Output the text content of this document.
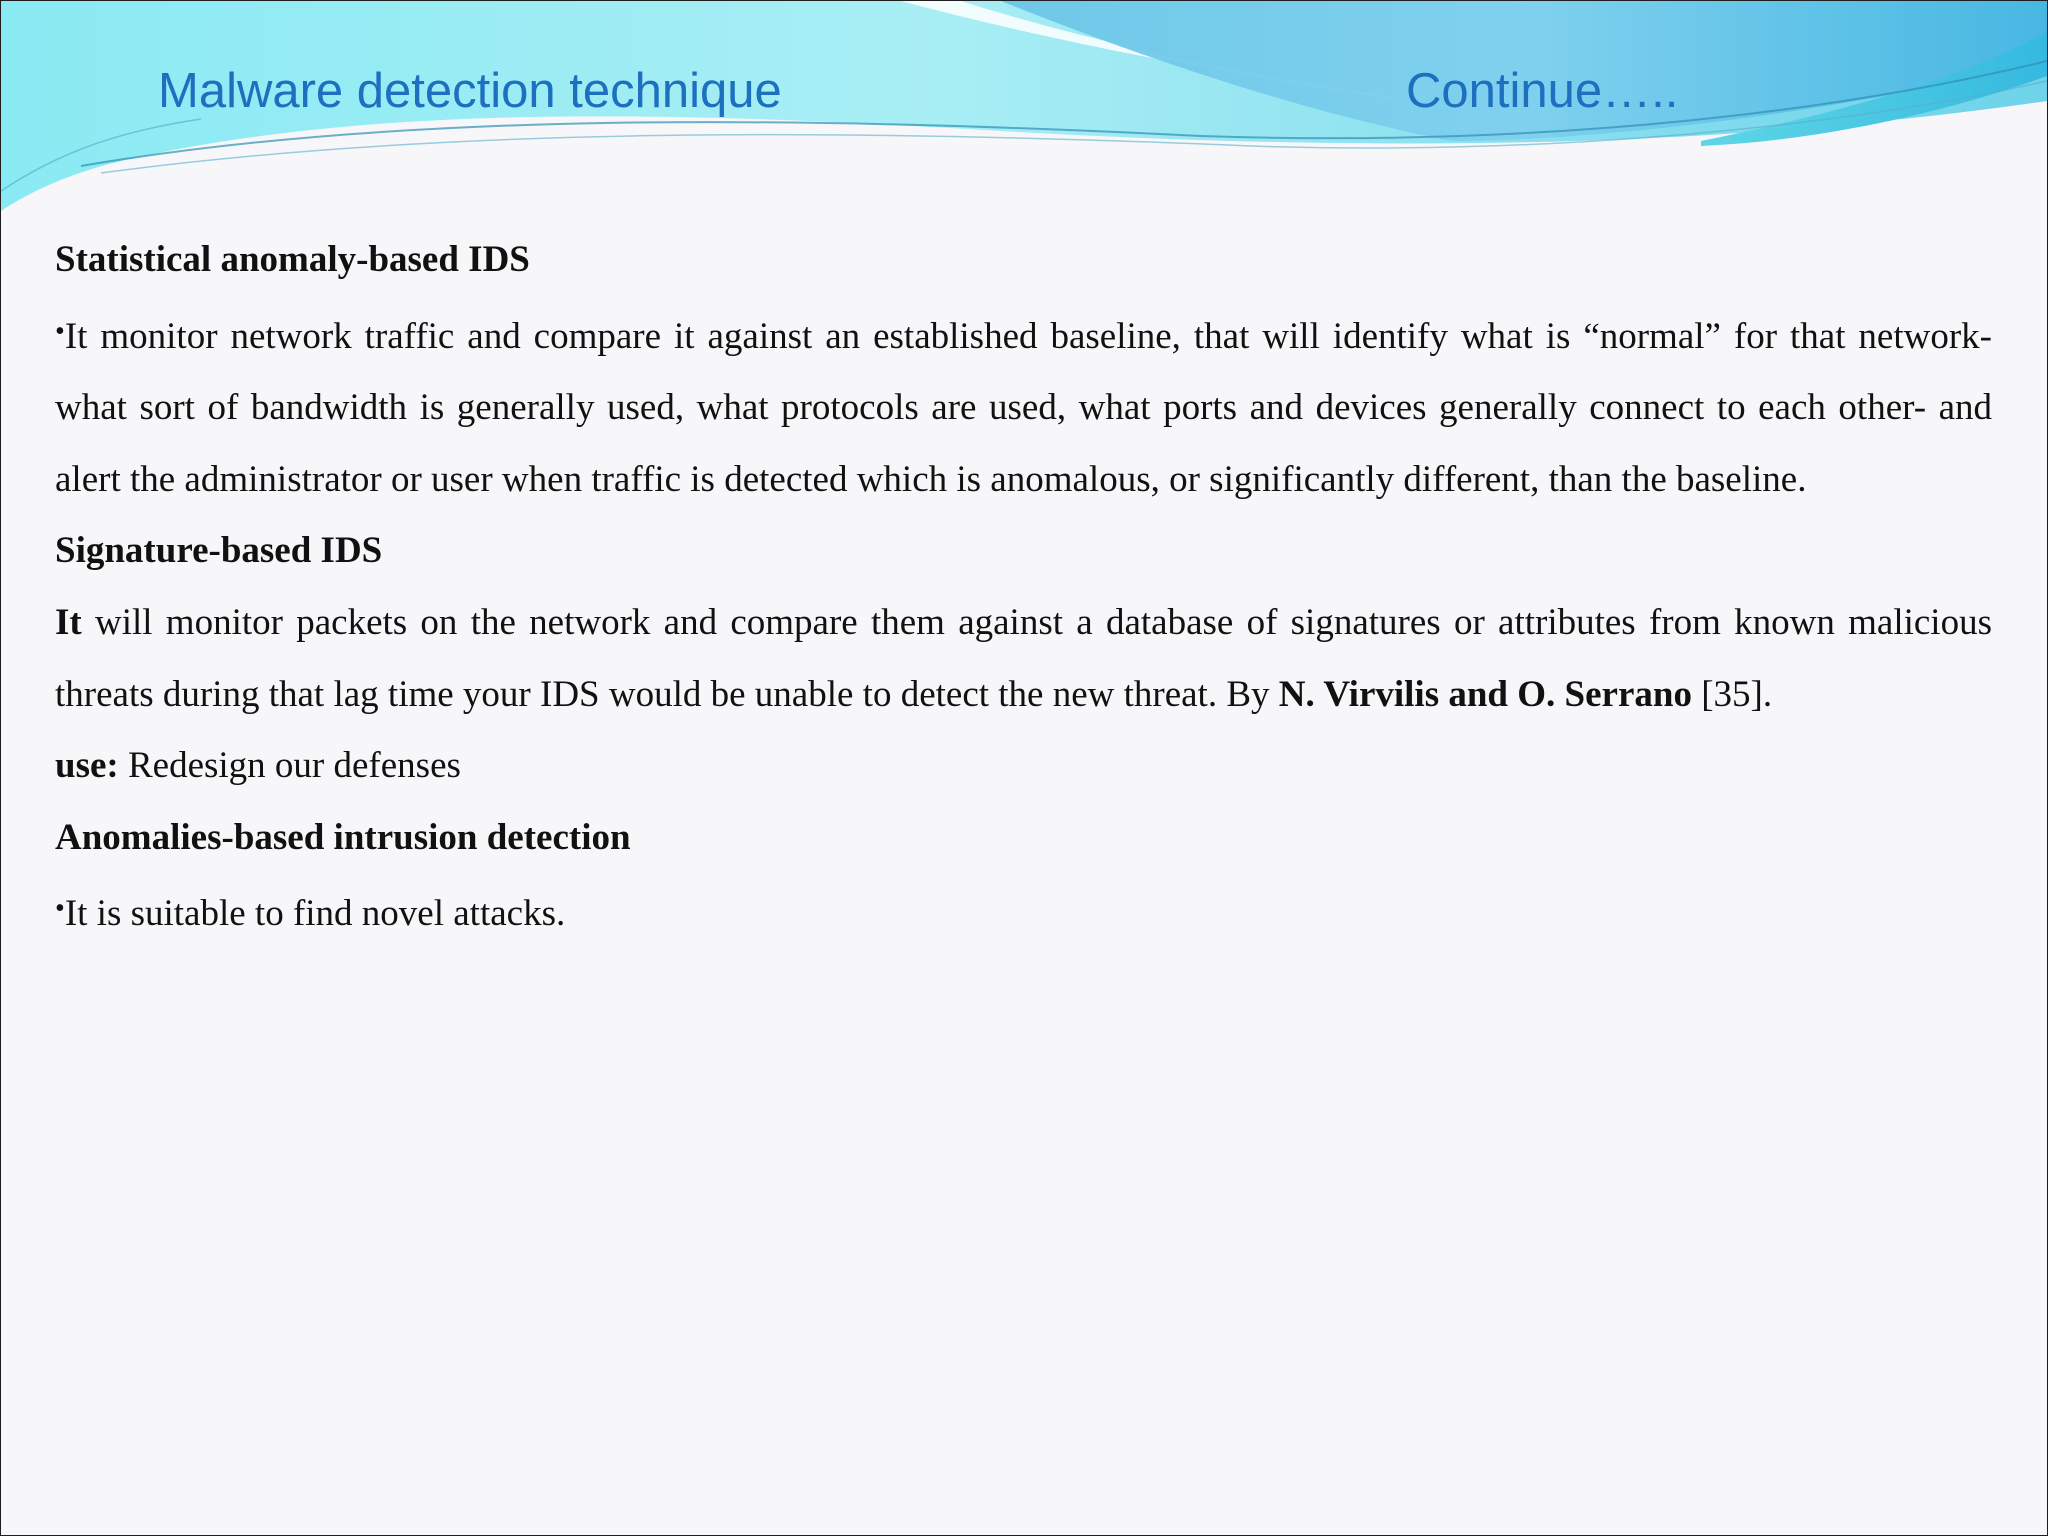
Malware detection technique	Continue…..

Statistical anomaly-based IDS

•It monitor network traffic and compare it against an established baseline, that will identify what is “normal” for that network- what sort of bandwidth is generally used, what protocols are used, what ports and devices generally connect to each other- and alert the administrator or user when traffic is detected which is anomalous, or significantly different, than the baseline.

Signature-based IDS

It will monitor packets on the network and compare them against a database of signatures or attributes from known malicious threats during that lag time your IDS would be unable to detect the new threat. By N. Virvilis and O. Serrano [35].

use: Redesign our defenses

Anomalies-based intrusion detection

•It is suitable to find novel attacks.
